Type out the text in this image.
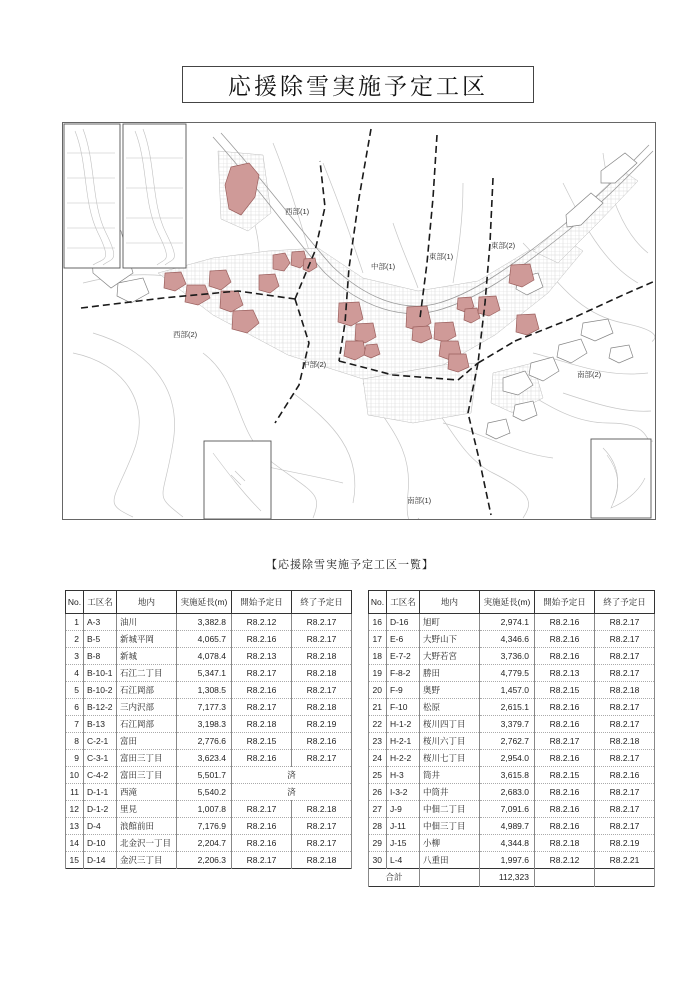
応援除雪実施予定工区
西部(1)
東部(2)
東部(1)
中部(1)
西部(2)
中部(2)
南部(2)
南部(1)
【応援除雪実施予定工区一覧】
No.	工区名	地内	実施延長(m)	開始予定日	終了予定日
1	A-3	油川	3,382.8	R8.2.12	R8.2.17
2	B-5	新城平岡	4,065.7	R8.2.16	R8.2.17
3	B-8	新城	4,078.4	R8.2.13	R8.2.18
4	B-10-1	石江二丁目	5,347.1	R8.2.17	R8.2.18
5	B-10-2	石江岡部	1,308.5	R8.2.16	R8.2.17
6	B-12-2	三内沢部	7,177.3	R8.2.17	R8.2.18
7	B-13	石江岡部	3,198.3	R8.2.18	R8.2.19
8	C-2-1	富田	2,776.6	R8.2.15	R8.2.16
9	C-3-1	富田三丁目	3,623.4	R8.2.16	R8.2.17
10	C-4-2	富田三丁目	5,501.7	済	
11	D-1-1	西滝	5,540.2	済	
12	D-1-2	里見	1,007.8	R8.2.17	R8.2.18
13	D-4	浪館前田	7,176.9	R8.2.16	R8.2.17
14	D-10	北金沢一丁目	2,204.7	R8.2.16	R8.2.17
15	D-14	金沢三丁目	2,206.3	R8.2.17	R8.2.18
No.	工区名	地内	実施延長(m)	開始予定日	終了予定日
16	D-16	旭町	2,974.1	R8.2.16	R8.2.17
17	E-6	大野山下	4,346.6	R8.2.16	R8.2.17
18	E-7-2	大野若宮	3,736.0	R8.2.16	R8.2.17
19	F-8-2	勝田	4,779.5	R8.2.13	R8.2.17
20	F-9	奥野	1,457.0	R8.2.15	R8.2.18
21	F-10	松原	2,615.1	R8.2.16	R8.2.17
22	H-1-2	桜川四丁目	3,379.7	R8.2.16	R8.2.17
23	H-2-1	桜川六丁目	2,762.7	R8.2.17	R8.2.18
24	H-2-2	桜川七丁目	2,954.0	R8.2.16	R8.2.17
25	H-3	筒井	3,615.8	R8.2.15	R8.2.16
26	I-3-2	中筒井	2,683.0	R8.2.16	R8.2.17
27	J-9	中佃二丁目	7,091.6	R8.2.16	R8.2.17
28	J-11	中佃三丁目	4,989.7	R8.2.16	R8.2.17
29	J-15	小柳	4,344.8	R8.2.18	R8.2.19
30	L-4	八重田	1,997.6	R8.2.12	R8.2.21
合計			112,323		
